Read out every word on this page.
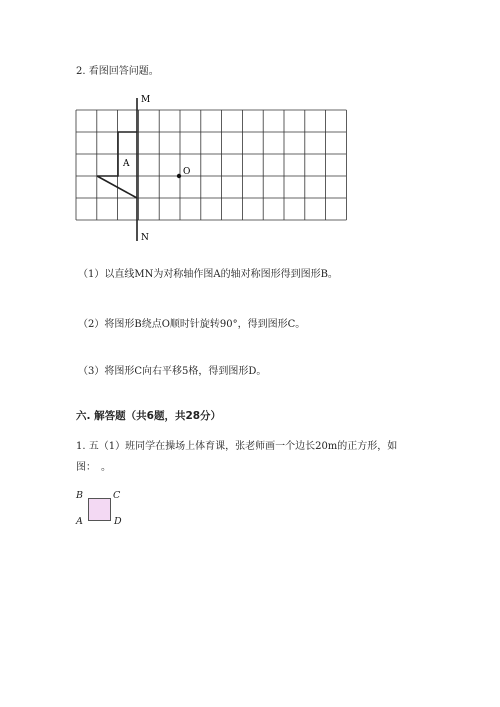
2. 看图回答问题。
M
N
A
O
（1）以直线MN为对称轴作图A的轴对称图形得到图形B。
（2）将图形B绕点O顺时针旋转90°，得到图形C。
（3）将图形C向右平移5格，得到图形D。
六. 解答题（共6题，共28分）
1. 五（1）班同学在操场上体育课，张老师画一个边长20m的正方形，如
图：　。
B	C
A	D
